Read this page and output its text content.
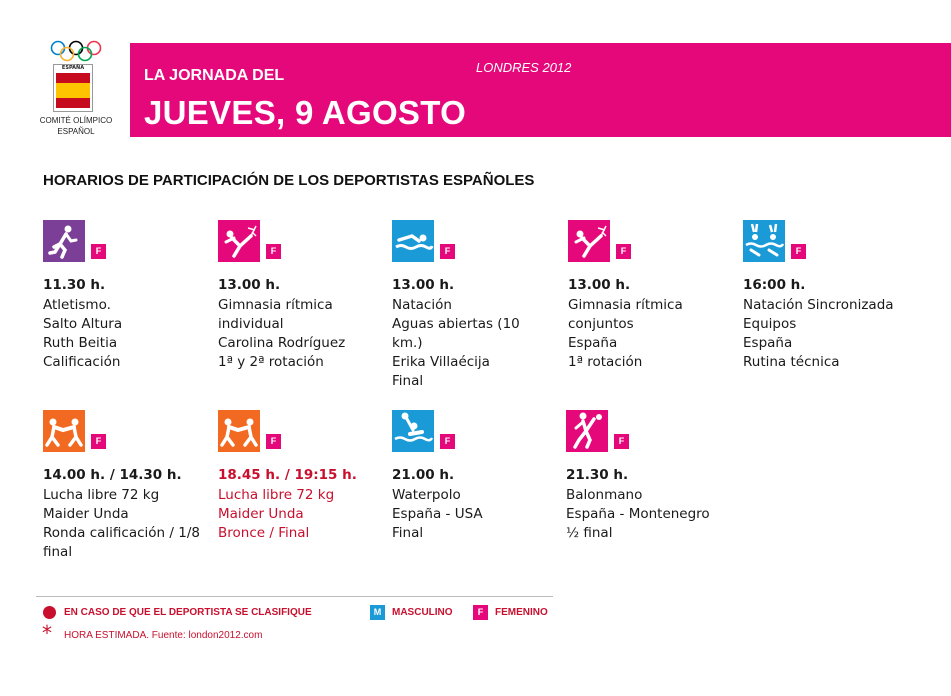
ESPAÑA
COMITÉ OLÍMPICO
ESPAÑOL
LA JORNADA DEL
JUEVES, 9 AGOSTO
LONDRES 2012
HORARIOS DE PARTICIPACIÓN DE LOS DEPORTISTAS ESPAÑOLES
F
11.30 h.
Atletismo.
Salto Altura
Ruth Beitia
Calificación
F
13.00 h.
Gimnasia rítmica
individual
Carolina Rodríguez
1ª y 2ª rotación
F
13.00 h.
Natación
Aguas abiertas (10
km.)
Erika Villaécija
Final
F
13.00 h.
Gimnasia rítmica
conjuntos
España
1ª rotación
F
16:00 h.
Natación Sincronizada
Equipos
España
Rutina técnica
F
14.00 h. / 14.30 h.
Lucha libre 72 kg
Maider Unda
Ronda calificación / 1/8
final
F
18.45 h. / 19:15 h.
Lucha libre 72 kg
Maider Unda
Bronce / Final
F
21.00 h.
Waterpolo
España - USA
Final
F
21.30 h.
Balonmano
España - Montenegro
½ final
EN CASO DE QUE EL DEPORTISTA SE CLASIFIQUE
* HORA ESTIMADA. Fuente: london2012.com
M	MASCULINO	F	FEMENINO
